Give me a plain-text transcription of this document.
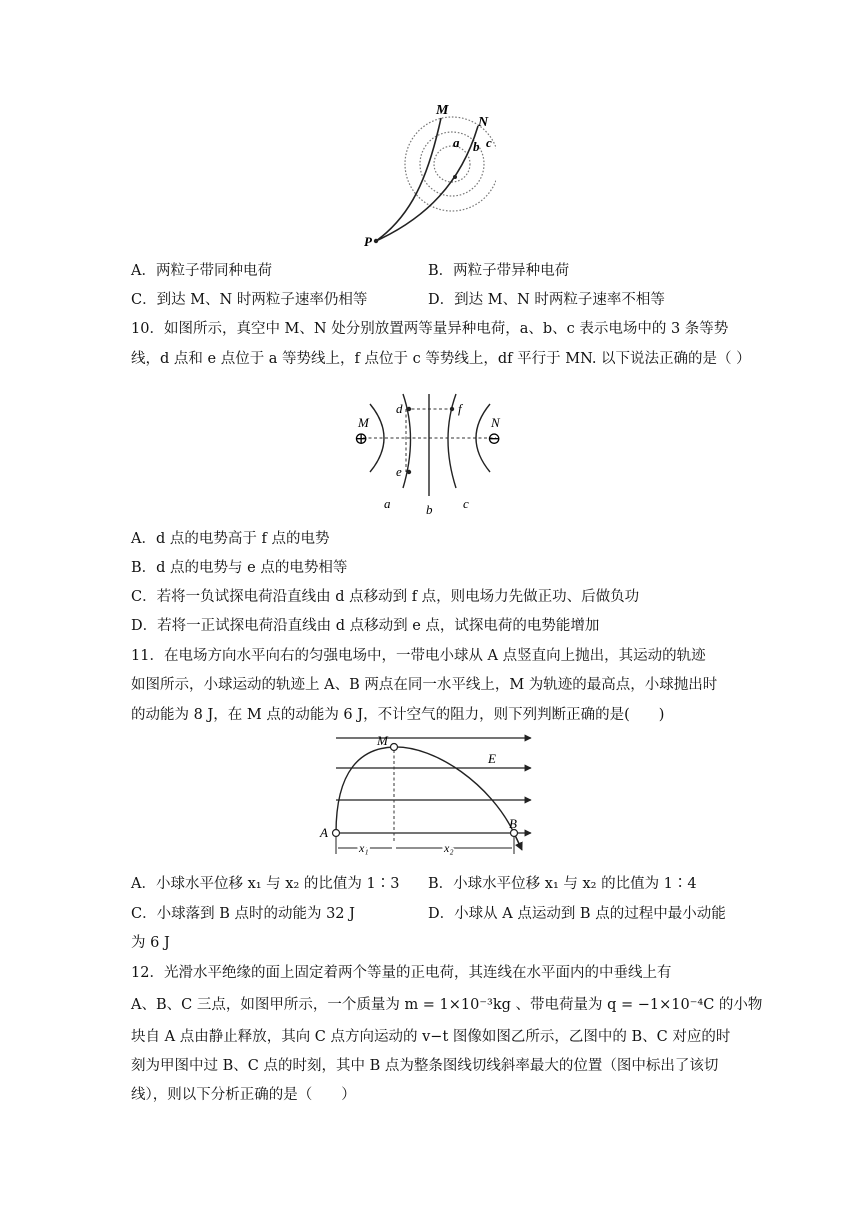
M
N
a b c
P
A．两粒子带同种电荷	B．两粒子带异种电荷
C．到达 M、N 时两粒子速率仍相等	D．到达 M、N 时两粒子速率不相等
10．如图所示，真空中 M、N 处分别放置两等量异种电荷，a、b、c 表示电场中的 3 条等势
线，d 点和 e 点位于 a 等势线上，f 点位于 c 等势线上，df 平行于 MN. 以下说法正确的是（ ）
⊕	⊖
M	N
d	f
e
a	b c
A．d 点的电势高于 f 点的电势
B．d 点的电势与 e 点的电势相等
C．若将一负试探电荷沿直线由 d 点移动到 f 点，则电场力先做正功、后做负功
D．若将一正试探电荷沿直线由 d 点移动到 e 点，试探电荷的电势能增加
11．在电场方向水平向右的匀强电场中，一带电小球从 A 点竖直向上抛出，其运动的轨迹
如图所示，小球运动的轨迹上 A、B 两点在同一水平线上，M 为轨迹的最高点，小球抛出时
的动能为 8 J，在 M 点的动能为 6 J，不计空气的阻力，则下列判断正确的是(　　)
M
E
A
B
x₁	x₂
A．小球水平位移 x₁ 与 x₂ 的比值为 1∶3 B．小球水平位移 x₁ 与 x₂ 的比值为 1∶4
C．小球落到 B 点时的动能为 32 J	D．小球从 A 点运动到 B 点的过程中最小动能
为 6 J
12．光滑水平绝缘的面上固定着两个等量的正电荷，其连线在水平面内的中垂线上有
A、B、C 三点，如图甲所示，一个质量为 m = 1×10⁻³kg 、带电荷量为 q = −1×10⁻⁴C 的小物
块自 A 点由静止释放，其向 C 点方向运动的 v−t 图像如图乙所示，乙图中的 B、C 对应的时
刻为甲图中过 B、C 点的时刻，其中 B 点为整条图线切线斜率最大的位置（图中标出了该切
线），则以下分析正确的是（　　）
